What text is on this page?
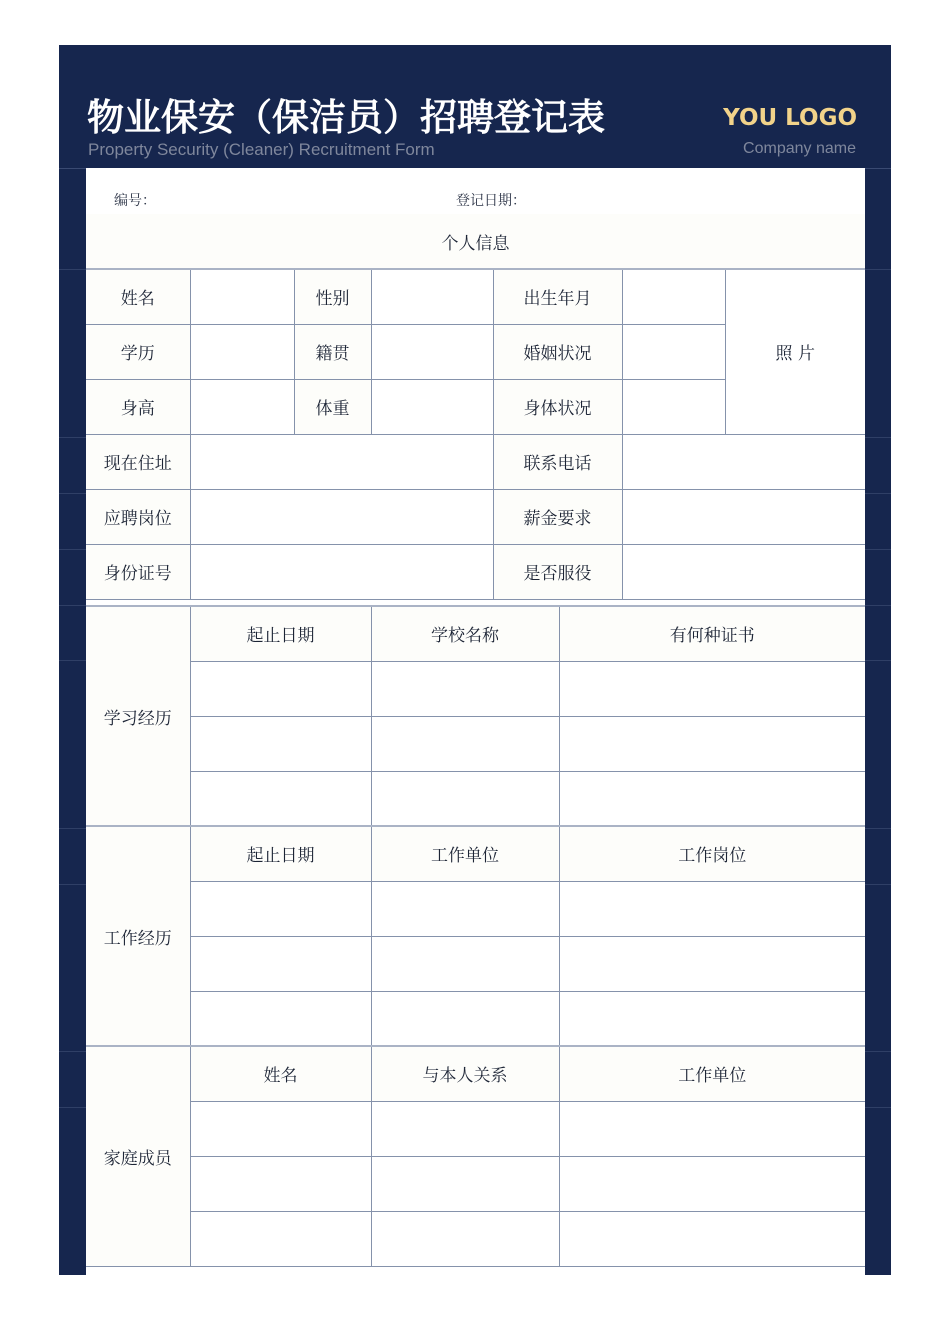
物业保安（保洁员）招聘登记表
Property Security (Cleaner) Recruitment Form
YOU LOGO
Company name
编号：	登记日期：
个人信息						
姓名		性别		出生年月		照 片
学历		籍贯		婚姻状况		
身高		体重		身体状况		
现在住址				联系电话		
应聘岗位				薪金要求		
身份证号				是否服役		
学习经历	起止日期	学校名称	有何种证书

工作经历	起止日期	工作单位	工作岗位

家庭成员	姓名	与本人关系	工作单位
